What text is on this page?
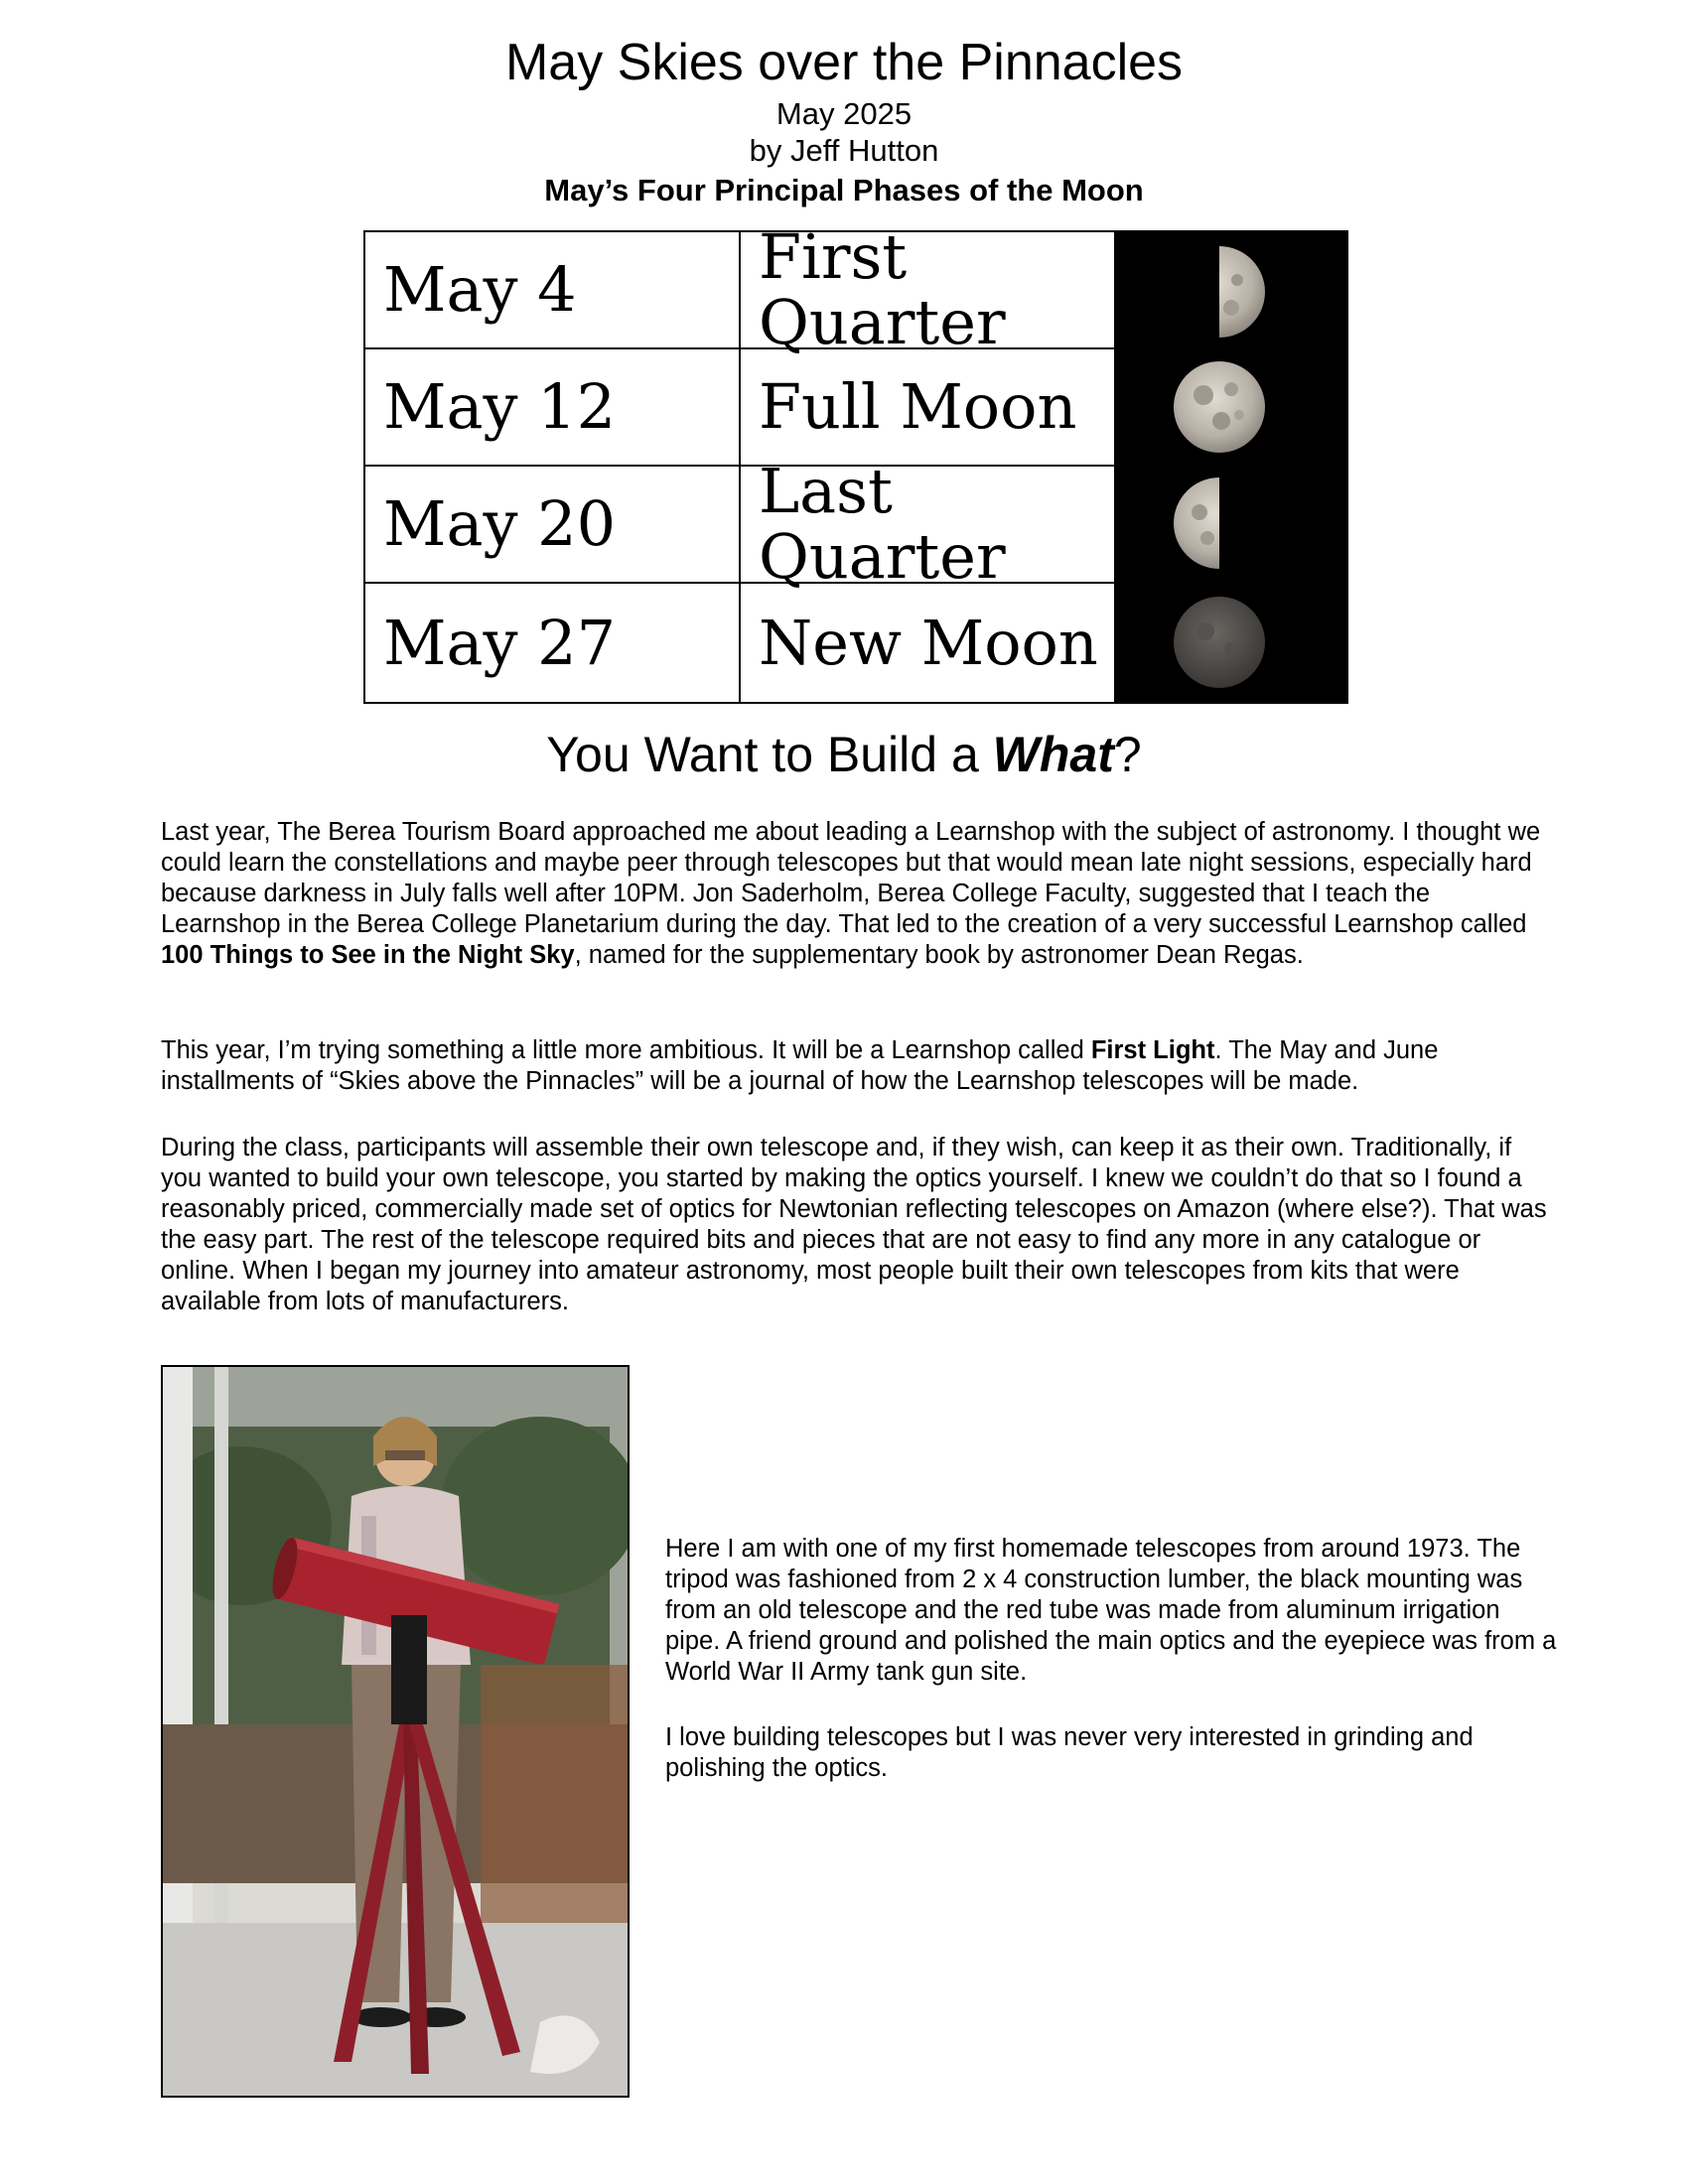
May Skies over the Pinnacles
May 2025
by Jeff Hutton
May’s Four Principal Phases of the Moon
May 4	First Quarter
May 12	Full Moon
May 20	Last Quarter
May 27	New Moon
You Want to Build a What?

Last year, The Berea Tourism Board approached me about leading a Learnshop with the subject of astronomy. I thought we could learn the constellations and maybe peer through telescopes but that would mean late night sessions, especially hard because darkness in July falls well after 10PM. Jon Saderholm, Berea College Faculty, suggested that I teach the Learnshop in the Berea College Planetarium during the day. That led to the creation of a very successful Learnshop called 100 Things to See in the Night Sky, named for the supplementary book by astronomer Dean Regas.

This year, I’m trying something a little more ambitious. It will be a Learnshop called First Light. The May and June installments of “Skies above the Pinnacles” will be a journal of how the Learnshop telescopes will be made.

During the class, participants will assemble their own telescope and, if they wish, can keep it as their own. Traditionally, if you wanted to build your own telescope, you started by making the optics yourself. I knew we couldn’t do that so I found a reasonably priced, commercially made set of optics for Newtonian reflecting telescopes on Amazon (where else?). That was the easy part. The rest of the telescope required bits and pieces that are not easy to find any more in any catalogue or online. When I began my journey into amateur astronomy, most people built their own telescopes from kits that were available from lots of manufacturers.

Here I am with one of my first homemade telescopes from around 1973. The tripod was fashioned from 2 x 4 construction lumber, the black mounting was from an old telescope and the red tube was made from aluminum irrigation pipe. A friend ground and polished the main optics and the eyepiece was from a World War II Army tank gun site.

I love building telescopes but I was never very interested in grinding and polishing the optics.
